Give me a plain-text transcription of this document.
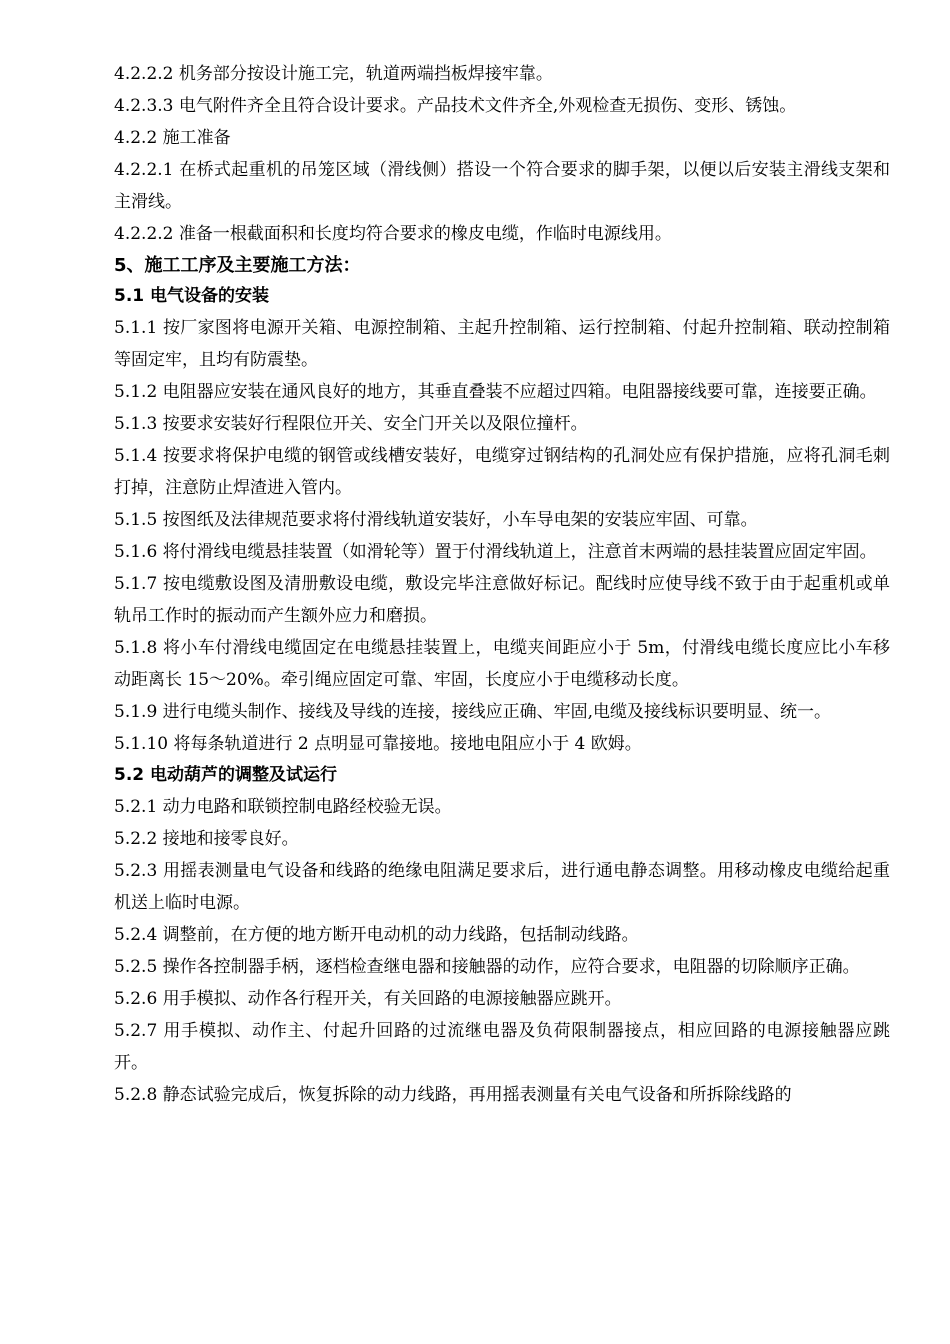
4.2.2.2 机务部分按设计施工完，轨道两端挡板焊接牢靠。

4.2.3.3 电气附件齐全且符合设计要求。产品技术文件齐全,外观检查无损伤、变形、锈蚀。

4.2.2 施工准备

4.2.2.1 在桥式起重机的吊笼区域（滑线侧）搭设一个符合要求的脚手架，以便以后安装主滑线支架和主滑线。

4.2.2.2 准备一根截面积和长度均符合要求的橡皮电缆，作临时电源线用。

5、施工工序及主要施工方法：
5.1 电气设备的安装

5.1.1 按厂家图将电源开关箱、电源控制箱、主起升控制箱、运行控制箱、付起升控制箱、联动控制箱等固定牢，且均有防震垫。

5.1.2 电阻器应安装在通风良好的地方，其垂直叠装不应超过四箱。电阻器接线要可靠，连接要正确。

5.1.3 按要求安装好行程限位开关、安全门开关以及限位撞杆。

5.1.4 按要求将保护电缆的钢管或线槽安装好，电缆穿过钢结构的孔洞处应有保护措施，应将孔洞毛刺打掉，注意防止焊渣进入管内。

5.1.5 按图纸及法律规范要求将付滑线轨道安装好，小车导电架的安装应牢固、可靠。

5.1.6 将付滑线电缆悬挂装置（如滑轮等）置于付滑线轨道上，注意首末两端的悬挂装置应固定牢固。

5.1.7 按电缆敷设图及清册敷设电缆，敷设完毕注意做好标记。配线时应使导线不致于由于起重机或单轨吊工作时的振动而产生额外应力和磨损。

5.1.8 将小车付滑线电缆固定在电缆悬挂装置上，电缆夹间距应小于 5m，付滑线电缆长度应比小车移动距离长 15～20%。牵引绳应固定可靠、牢固，长度应小于电缆移动长度。

5.1.9 进行电缆头制作、接线及导线的连接，接线应正确、牢固,电缆及接线标识要明显、统一。

5.1.10 将每条轨道进行 2 点明显可靠接地。接地电阻应小于 4 欧姆。

5.2 电动葫芦的调整及试运行

5.2.1 动力电路和联锁控制电路经校验无误。

5.2.2 接地和接零良好。

5.2.3 用摇表测量电气设备和线路的绝缘电阻满足要求后，进行通电静态调整。用移动橡皮电缆给起重机送上临时电源。

5.2.4 调整前，在方便的地方断开电动机的动力线路，包括制动线路。

5.2.5 操作各控制器手柄，逐档检查继电器和接触器的动作，应符合要求，电阻器的切除顺序正确。

5.2.6 用手模拟、动作各行程开关，有关回路的电源接触器应跳开。

5.2.7 用手模拟、动作主、付起升回路的过流继电器及负荷限制器接点，相应回路的电源接触器应跳开。

5.2.8 静态试验完成后，恢复拆除的动力线路，再用摇表测量有关电气设备和所拆除线路的
